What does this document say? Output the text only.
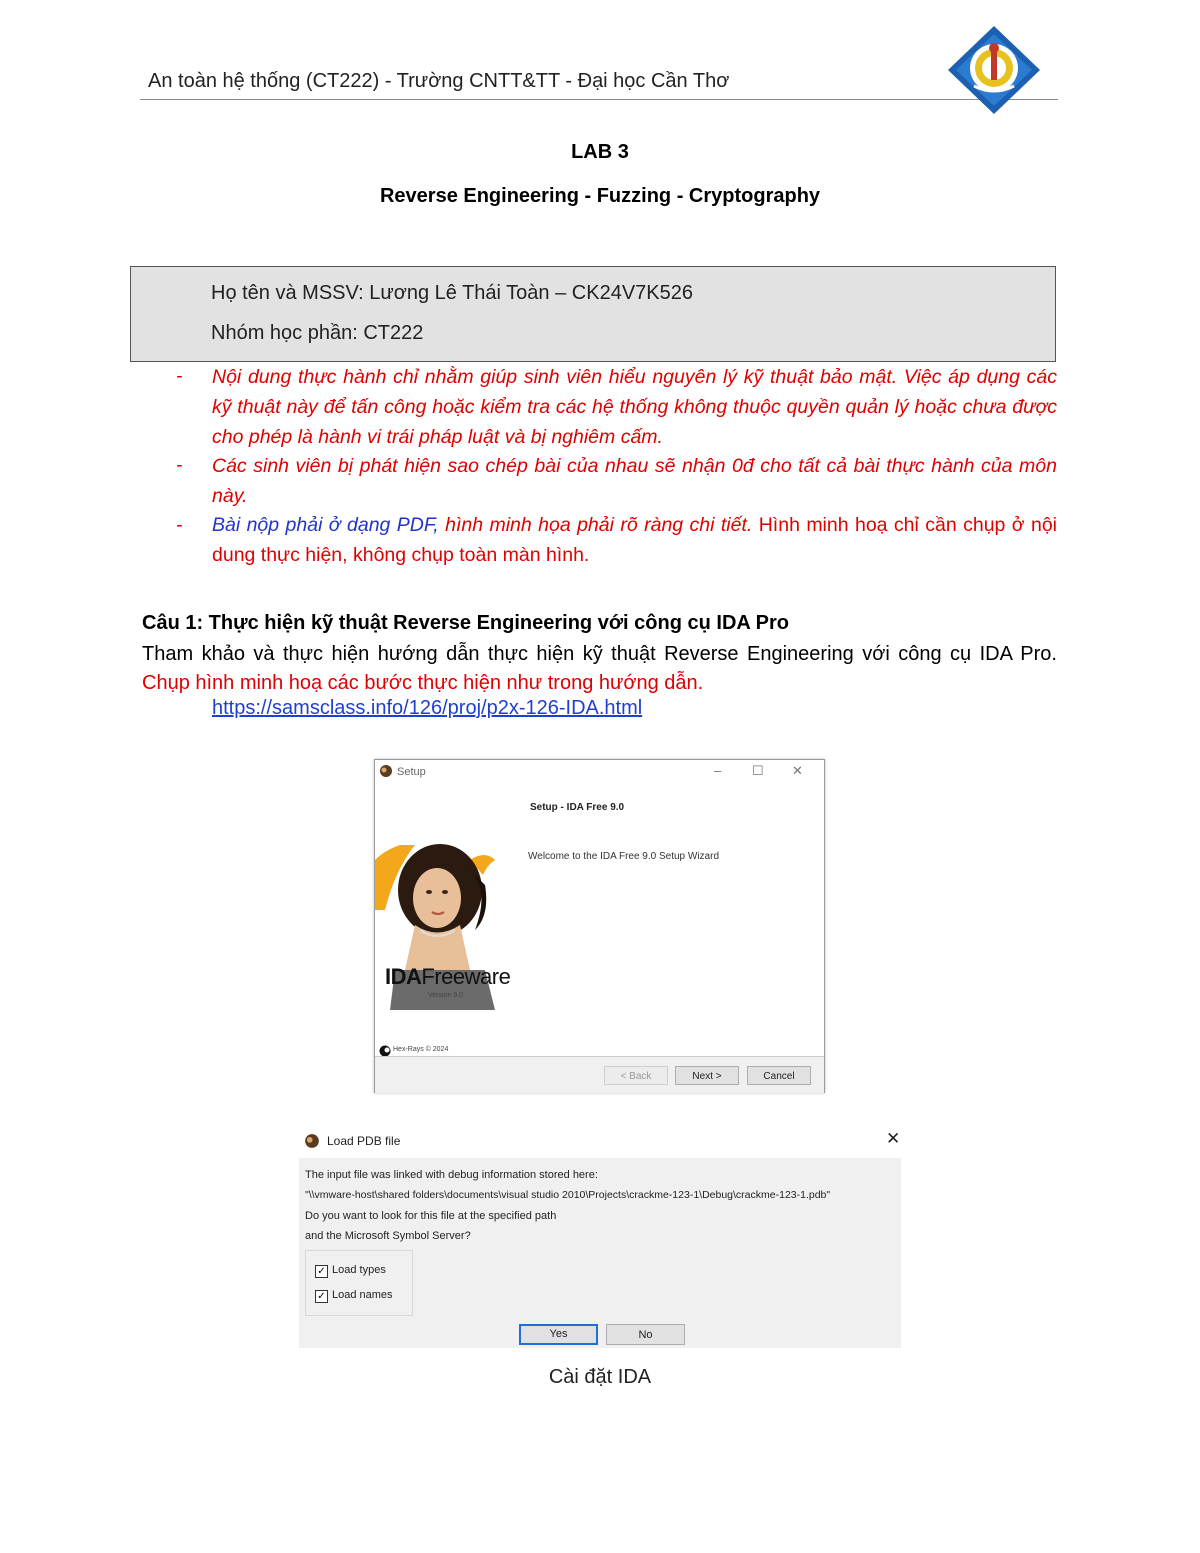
An toàn hệ thống (CT222) - Trường CNTT&TT - Đại học Cần Thơ
LAB 3
Reverse Engineering - Fuzzing - Cryptography
Họ tên và MSSV: Lương Lê Thái Toàn – CK24V7K526
Nhóm học phần: CT222
- Nội dung thực hành chỉ nhằm giúp sinh viên hiểu nguyên lý kỹ thuật bảo mật. Việc áp dụng các kỹ thuật này để tấn công hoặc kiểm tra các hệ thống không thuộc quyền quản lý hoặc chưa được cho phép là hành vi trái pháp luật và bị nghiêm cấm.
- Các sinh viên bị phát hiện sao chép bài của nhau sẽ nhận 0đ cho tất cả bài thực hành của môn này.
- Bài nộp phải ở dạng PDF, hình minh họa phải rõ ràng chi tiết. Hình minh hoạ chỉ cần chụp ở nội dung thực hiện, không chụp toàn màn hình.
Câu 1: Thực hiện kỹ thuật Reverse Engineering với công cụ IDA Pro
Tham khảo và thực hiện hướng dẫn thực hiện kỹ thuật Reverse Engineering với công cụ IDA Pro. Chụp hình minh hoạ các bước thực hiện như trong hướng dẫn.
https://samsclass.info/126/proj/p2x-126-IDA.html
Setup	– ☐ ✕
Setup - IDA Free 9.0
Welcome to the IDA Free 9.0 Setup Wizard
IDAFreeware
Version 9.0
Hex-Rays © 2024
< Back	Next >	Cancel
Load PDB file	✕
The input file was linked with debug information stored here:
"\\vmware-host\shared folders\documents\visual studio 2010\Projects\crackme-123-1\Debug\crackme-123-1.pdb"
Do you want to look for this file at the specified path
and the Microsoft Symbol Server?
✓ Load types
✓ Load names
Yes	No
Cài đặt IDA
